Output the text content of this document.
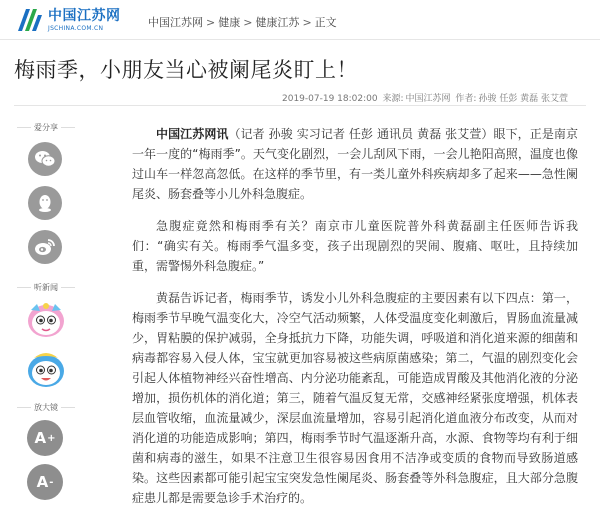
中国江苏网
JSCHINA.COM.CN	中国江苏网 > 健康 > 健康江苏 > 正文
梅雨季，小朋友当心被阑尾炎盯上！
2019-07-19 18:02:00 来源: 中国江苏网 作者: 孙骏 任彭 黄磊 张艾萱
爱分享
听新闻
放大镜
A +
A -

中国江苏网讯（记者 孙骏 实习记者 任彭 通讯员 黄磊 张艾萱）眼下，正是南京一年一度的“梅雨季”。天气变化剧烈，一会儿刮风下雨，一会儿艳阳高照，温度也像过山车一样忽高忽低。在这样的季节里，有一类儿童外科疾病却多了起来——急性阑尾炎、肠套叠等小儿外科急腹症。

急腹症竟然和梅雨季有关？南京市儿童医院普外科黄磊副主任医师告诉我们：“确实有关。梅雨季气温多变，孩子出现剧烈的哭闹、腹痛、呕吐，且持续加重，需警惕外科急腹症。”

黄磊告诉记者，梅雨季节，诱发小儿外科急腹症的主要因素有以下四点：第一，梅雨季节早晚气温变化大，冷空气活动频繁，人体受温度变化刺激后，胃肠血流量减少，胃粘膜的保护减弱，全身抵抗力下降，功能失调，呼吸道和消化道来源的细菌和病毒都容易入侵人体，宝宝就更加容易被这些病原菌感染；第二，气温的剧烈变化会引起人体植物神经兴奋性增高、内分泌功能紊乱，可能造成胃酸及其他消化液的分泌增加，损伤机体的消化道；第三，随着气温反复无常，交感神经紧张度增强，机体表层血管收缩，血流量减少，深层血流量增加，容易引起消化道血液分布改变，从而对消化道的功能造成影响；第四，梅雨季节时气温逐渐升高，水源、食物等均有利于细菌和病毒的滋生，如果不注意卫生很容易因食用不洁净或变质的食物而导致肠道感染。这些因素都可能引起宝宝突发急性阑尾炎、肠套叠等外科急腹症，且大部分急腹症患儿都是需要急诊手术治疗的。
